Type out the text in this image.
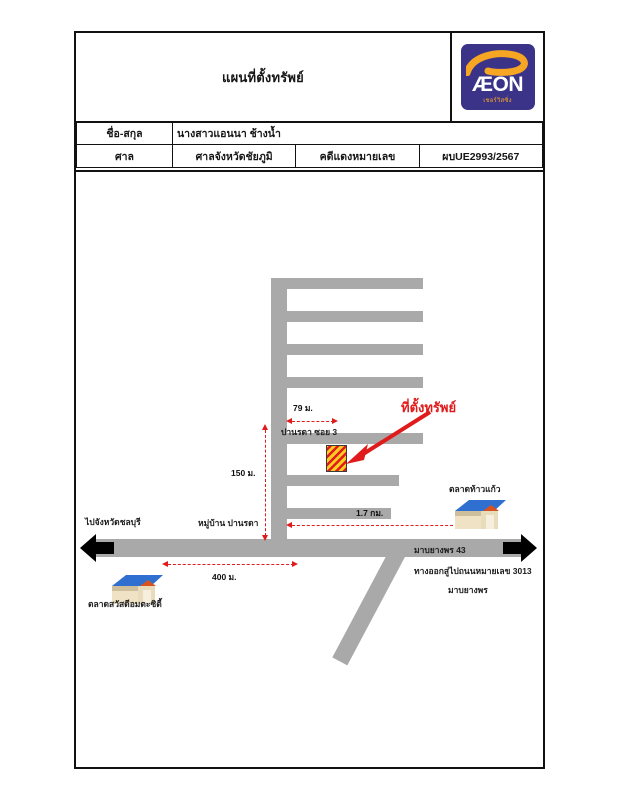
แผนที่ตั้งทรัพย์	ÆON
เชอร์วิสซิ่ง
ชื่อ-สกุล	นางสาวแอนนา ช้างน้ำ		
ศาล	ศาลจังหวัดชัยภูมิ	คดีแดงหมายเลข	ผบUE2993/2567
ที่ตั้งทรัพย์
79 ม.
ปานรดา ซอย 3
150 ม.
หมู่บ้าน ปานรดา
1.7 กม.
400 ม.
ตลาดท้าวแก้ว
ตลาดสวัสดีอมตะซิตี้
มาบยางพร 43
ทางออกสู่ไปถนนหมายเลข 3013
มาบยางพร
ไปจังหวัดชลบุรี
